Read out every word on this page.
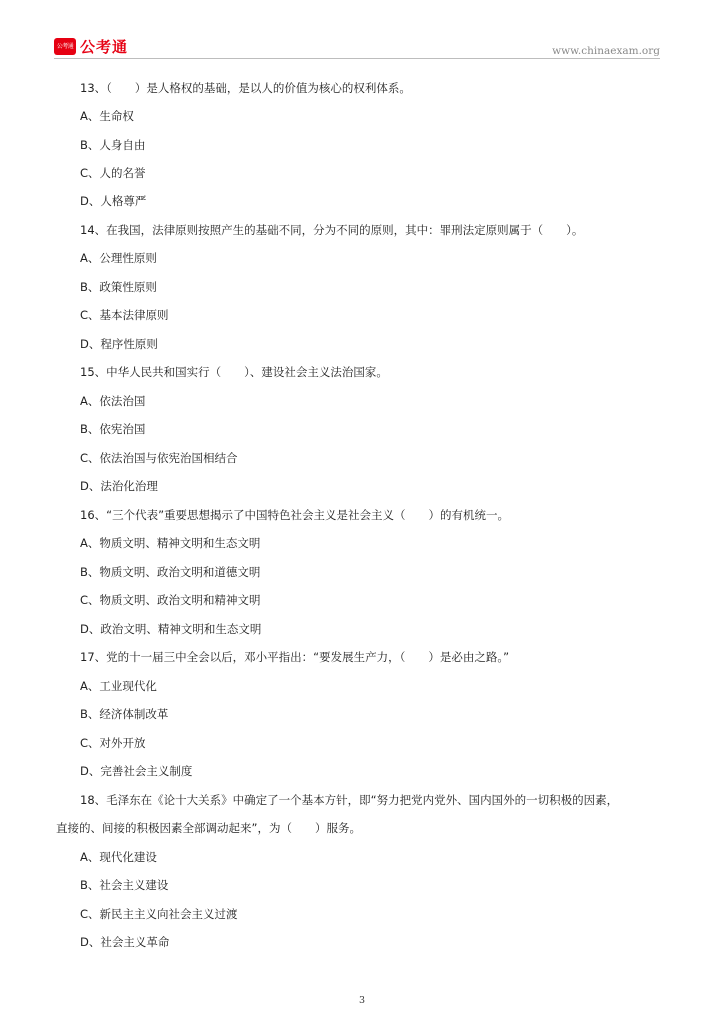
公考通 公考通	www.chinaexam.org
13、（　　）是人格权的基础，是以人的价值为核心的权利体系。
A、生命权
B、人身自由
C、人的名誉
D、人格尊严
14、在我国，法律原则按照产生的基础不同，分为不同的原则，其中：罪刑法定原则属于（　　）。
A、公理性原则
B、政策性原则
C、基本法律原则
D、程序性原则
15、中华人民共和国实行（　　）、建设社会主义法治国家。
A、依法治国
B、依宪治国
C、依法治国与依宪治国相结合
D、法治化治理
16、“三个代表”重要思想揭示了中国特色社会主义是社会主义（　　）的有机统一。
A、物质文明、精神文明和生态文明
B、物质文明、政治文明和道德文明
C、物质文明、政治文明和精神文明
D、政治文明、精神文明和生态文明
17、党的十一届三中全会以后，邓小平指出：“要发展生产力，（　　）是必由之路。”
A、工业现代化
B、经济体制改革
C、对外开放
D、完善社会主义制度
18、毛泽东在《论十大关系》中确定了一个基本方针，即“努力把党内党外、国内国外的一切积极的因素，
直接的、间接的积极因素全部调动起来”，为（　　）服务。
A、现代化建设
B、社会主义建设
C、新民主主义向社会主义过渡
D、社会主义革命
3
